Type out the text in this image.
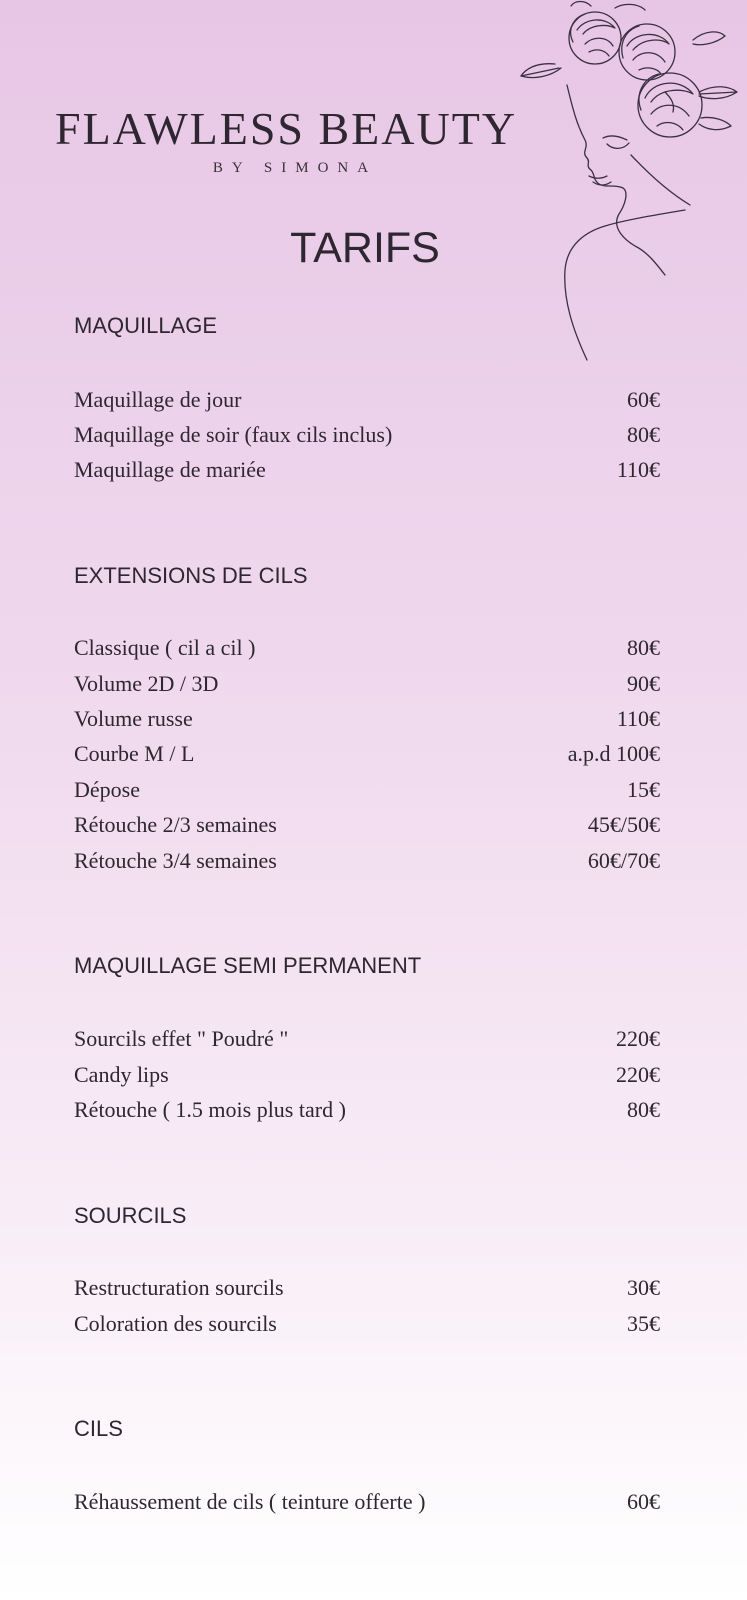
FLAWLESS BEAUTY
BY SIMONA
TARIFS
MAQUILLAGE
Maquillage de jour	60€
Maquillage de soir (faux cils inclus)	80€
Maquillage de mariée	110€
EXTENSIONS DE CILS
Classique ( cil a cil )	80€
Volume 2D / 3D	90€
Volume russe	110€
Courbe M / L	a.p.d 100€
Dépose	15€
Rétouche 2/3 semaines	45€/50€
Rétouche 3/4 semaines	60€/70€
MAQUILLAGE SEMI PERMANENT
Sourcils effet " Poudré "	220€
Candy lips	220€
Rétouche ( 1.5 mois plus tard )	80€
SOURCILS
Restructuration sourcils	30€
Coloration des sourcils	35€
CILS
Réhaussement de cils ( teinture offerte )	60€
